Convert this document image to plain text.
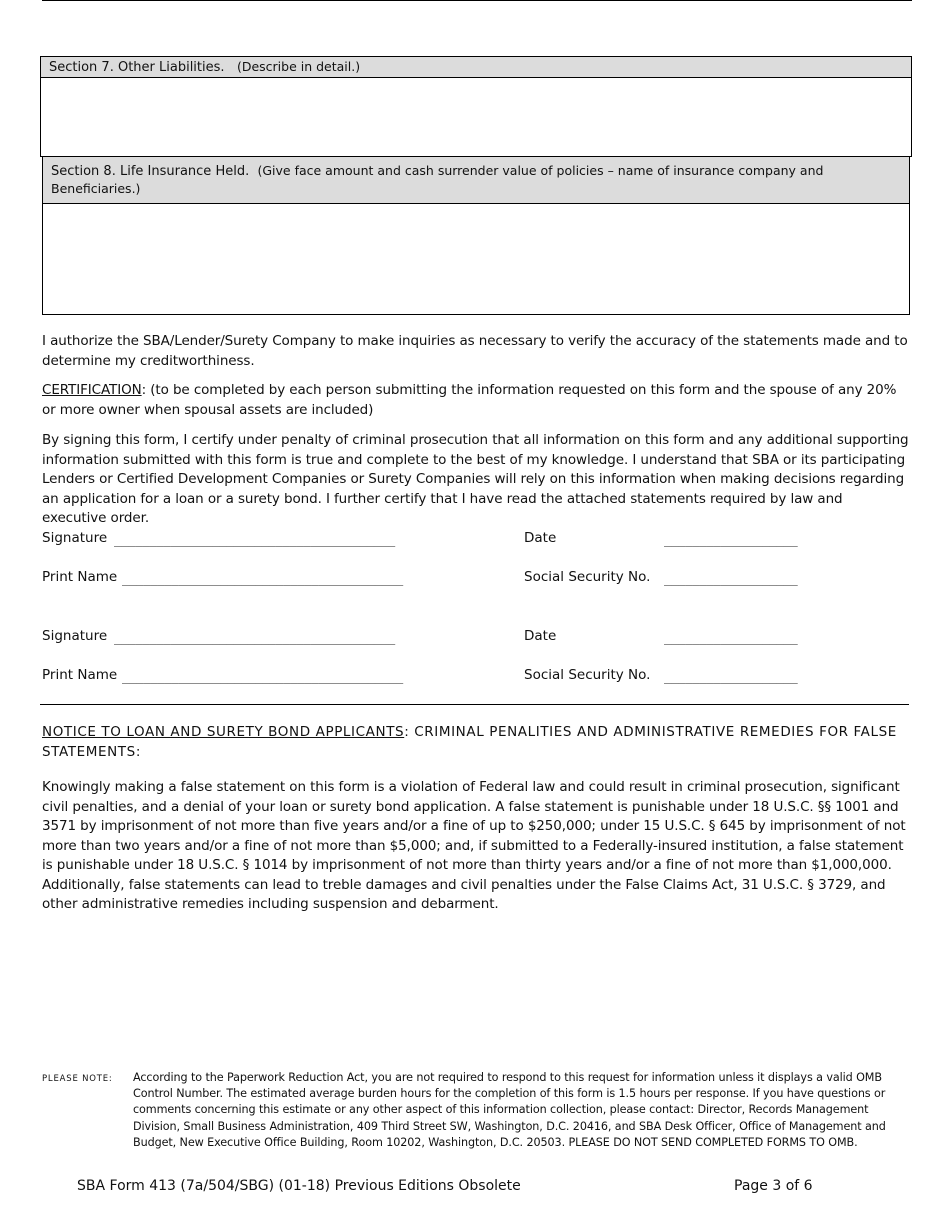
Section 7. Other Liabilities. (Describe in detail.)
Section 8. Life Insurance Held. (Give face amount and cash surrender value of policies – name of insurance company and Beneficiaries.)
I authorize the SBA/Lender/Surety Company to make inquiries as necessary to verify the accuracy of the statements made and to determine my creditworthiness.
CERTIFICATION: (to be completed by each person submitting the information requested on this form and the spouse of any 20% or more owner when spousal assets are included)
By signing this form, I certify under penalty of criminal prosecution that all information on this form and any additional supporting information submitted with this form is true and complete to the best of my knowledge. I understand that SBA or its participating Lenders or Certified Development Companies or Surety Companies will rely on this information when making decisions regarding an application for a loan or a surety bond. I further certify that I have read the attached statements required by law and executive order.
Signature ________________________________________	Date	___________________
Print Name ________________________________________	Social Security No. ___________________
Signature ________________________________________	Date	___________________
Print Name ________________________________________	Social Security No. ___________________
NOTICE TO LOAN AND SURETY BOND APPLICANTS: CRIMINAL PENALITIES AND ADMINISTRATIVE REMEDIES FOR FALSE STATEMENTS:
Knowingly making a false statement on this form is a violation of Federal law and could result in criminal prosecution, significant civil penalties, and a denial of your loan or surety bond application. A false statement is punishable under 18 U.S.C. §§ 1001 and 3571 by imprisonment of not more than five years and/or a fine of up to $250,000; under 15 U.S.C. § 645 by imprisonment of not more than two years and/or a fine of not more than $5,000; and, if submitted to a Federally-insured institution, a false statement is punishable under 18 U.S.C. § 1014 by imprisonment of not more than thirty years and/or a fine of not more than $1,000,000. Additionally, false statements can lead to treble damages and civil penalties under the False Claims Act, 31 U.S.C. § 3729, and other administrative remedies including suspension and debarment.
PLEASE NOTE: According to the Paperwork Reduction Act, you are not required to respond to this request for information unless it displays a valid OMB Control Number. The estimated average burden hours for the completion of this form is 1.5 hours per response. If you have questions or comments concerning this estimate or any other aspect of this information collection, please contact: Director, Records Management Division, Small Business Administration, 409 Third Street SW, Washington, D.C. 20416, and SBA Desk Officer, Office of Management and Budget, New Executive Office Building, Room 10202, Washington, D.C. 20503. PLEASE DO NOT SEND COMPLETED FORMS TO OMB.
SBA Form 413 (7a/504/SBG) (01-18) Previous Editions Obsolete	Page 3 of 6
